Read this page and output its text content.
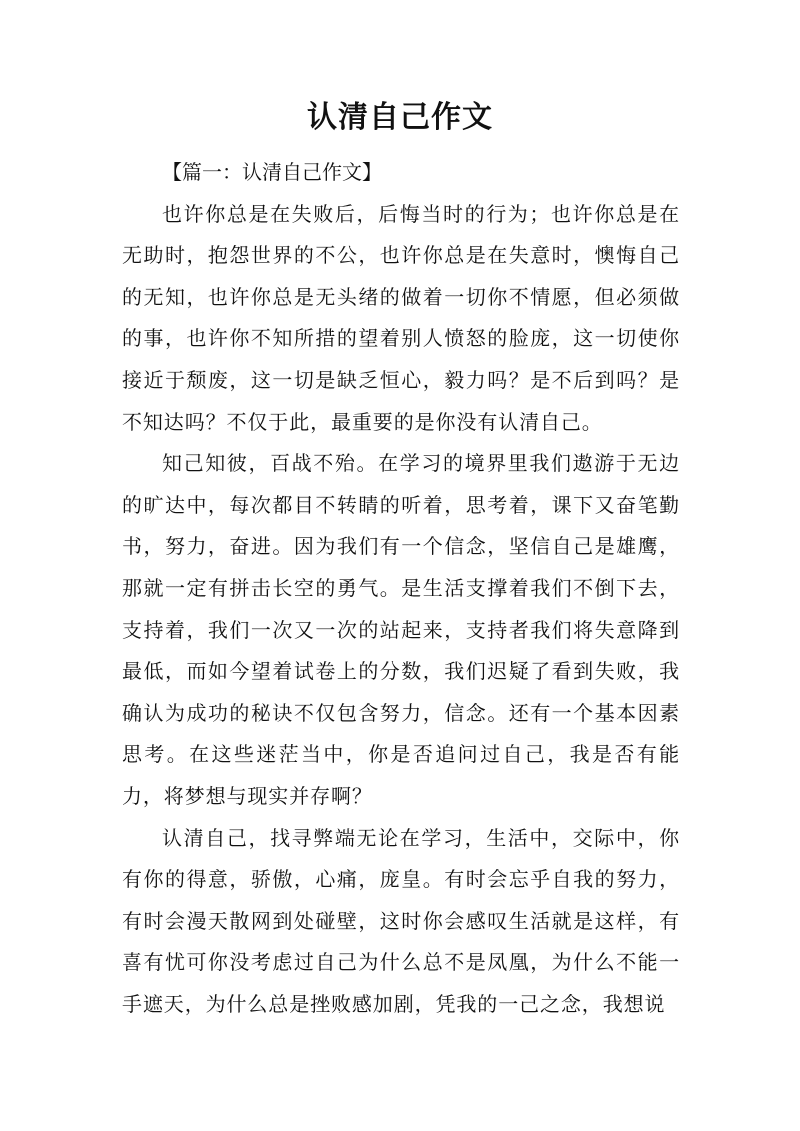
认清自己作文

【篇一：认清自己作文】

也许你总是在失败后，后悔当时的行为；也许你总是在无助时，抱怨世界的不公，也许你总是在失意时，懊悔自己的无知，也许你总是无头绪的做着一切你不情愿，但必须做的事，也许你不知所措的望着别人愤怒的脸庞，这一切使你接近于颓废，这一切是缺乏恒心，毅力吗？是不后到吗？是不知达吗？不仅于此，最重要的是你没有认清自己。

知己知彼，百战不殆。在学习的境界里我们遨游于无边的旷达中，每次都目不转睛的听着，思考着，课下又奋笔勤书，努力，奋进。因为我们有一个信念，坚信自己是雄鹰，那就一定有拼击长空的勇气。是生活支撑着我们不倒下去，支持着，我们一次又一次的站起来，支持者我们将失意降到最低，而如今望着试卷上的分数，我们迟疑了看到失败，我确认为成功的秘诀不仅包含努力，信念。还有一个基本因素思考。在这些迷茫当中，你是否追问过自己，我是否有能力，将梦想与现实并存啊？

认清自己，找寻弊端无论在学习，生活中，交际中，你有你的得意，骄傲，心痛，庞皇。有时会忘乎自我的努力，有时会漫天散网到处碰壁，这时你会感叹生活就是这样，有喜有忧可你没考虑过自己为什么总不是凤凰，为什么不能一手遮天，为什么总是挫败感加剧，凭我的一己之念，我想说
